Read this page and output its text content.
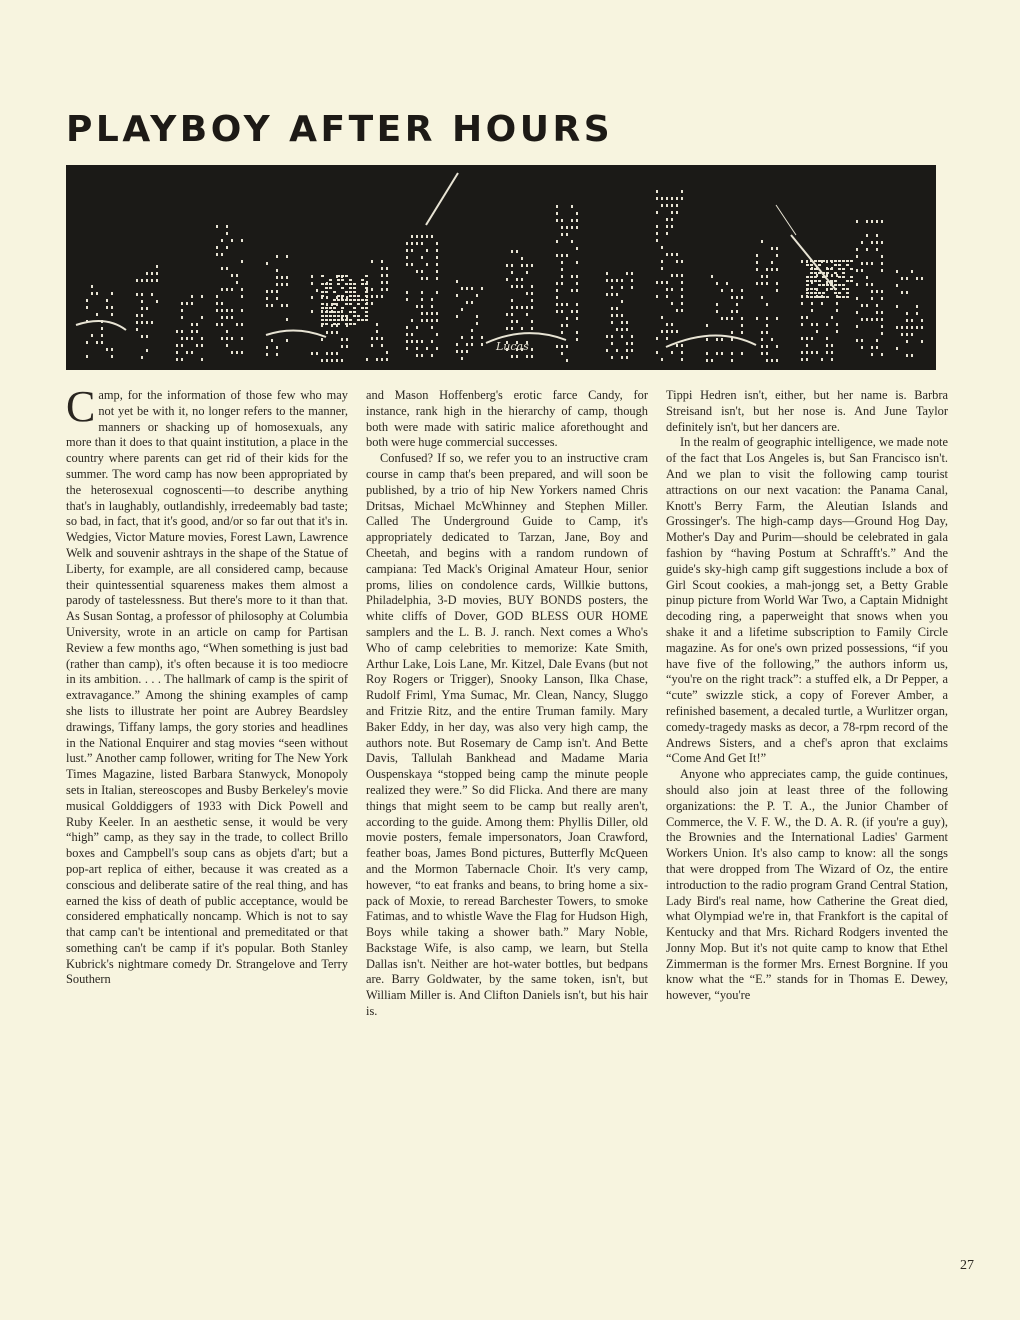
PLAYBOY AFTER HOURS
Lucas

Camp, for the information of those few who may not yet be with it, no longer refers to the manner, manners or shacking up of homosexuals, any more than it does to that quaint institution, a place in the country where parents can get rid of their kids for the summer. The word camp has now been appropriated by the heterosexual cognoscenti—to describe anything that's in laughably, outlandishly, irredeemably bad taste; so bad, in fact, that it's good, and/or so far out that it's in. Wedgies, Victor Mature movies, Forest Lawn, Lawrence Welk and souvenir ashtrays in the shape of the Statue of Liberty, for example, are all considered camp, because their quintessential squareness makes them almost a parody of tastelessness. But there's more to it than that. As Susan Sontag, a professor of philosophy at Columbia University, wrote in an article on camp for Partisan Review a few months ago, “When something is just bad (rather than camp), it's often because it is too mediocre in its ambition. . . . The hallmark of camp is the spirit of extravagance.” Among the shining examples of camp she lists to illustrate her point are Aubrey Beardsley drawings, Tiffany lamps, the gory stories and headlines in the National Enquirer and stag movies “seen without lust.” Another camp follower, writing for The New York Times Magazine, listed Barbara Stanwyck, Monopoly sets in Italian, stereoscopes and Busby Berkeley's movie musical Golddiggers of 1933 with Dick Powell and Ruby Keeler. In an aesthetic sense, it would be very “high” camp, as they say in the trade, to collect Brillo boxes and Campbell's soup cans as objets d'art; but a pop-art replica of either, because it was created as a conscious and deliberate satire of the real thing, and has earned the kiss of death of public acceptance, would be considered emphatically noncamp. Which is not to say that camp can't be intentional and premeditated or that something can't be camp if it's popular. Both Stanley Kubrick's nightmare comedy Dr. Strangelove and Terry Southern

and Mason Hoffenberg's erotic farce Candy, for instance, rank high in the hierarchy of camp, though both were made with satiric malice aforethought and both were huge commercial successes.

Confused? If so, we refer you to an instructive cram course in camp that's been prepared, and will soon be published, by a trio of hip New Yorkers named Chris Dritsas, Michael McWhinney and Stephen Miller. Called The Underground Guide to Camp, it's appropriately dedicated to Tarzan, Jane, Boy and Cheetah, and begins with a random rundown of campiana: Ted Mack's Original Amateur Hour, senior proms, lilies on condolence cards, Willkie buttons, Philadelphia, 3-D movies, BUY BONDS posters, the white cliffs of Dover, GOD BLESS OUR HOME samplers and the L. B. J. ranch. Next comes a Who's Who of camp celebrities to memorize: Kate Smith, Arthur Lake, Lois Lane, Mr. Kitzel, Dale Evans (but not Roy Rogers or Trigger), Snooky Lanson, Ilka Chase, Rudolf Friml, Yma Sumac, Mr. Clean, Nancy, Sluggo and Fritzie Ritz, and the entire Truman family. Mary Baker Eddy, in her day, was also very high camp, the authors note. But Rosemary de Camp isn't. And Bette Davis, Tallulah Bankhead and Madame Maria Ouspenskaya “stopped being camp the minute people realized they were.” So did Flicka. And there are many things that might seem to be camp but really aren't, according to the guide. Among them: Phyllis Diller, old movie posters, female impersonators, Joan Crawford, feather boas, James Bond pictures, Butterfly McQueen and the Mormon Tabernacle Choir. It's very camp, however, “to eat franks and beans, to bring home a six-pack of Moxie, to reread Barchester Towers, to smoke Fatimas, and to whistle Wave the Flag for Hudson High, Boys while taking a shower bath.” Mary Noble, Backstage Wife, is also camp, we learn, but Stella Dallas isn't. Neither are hot-water bottles, but bedpans are. Barry Goldwater, by the same token, isn't, but William Miller is. And Clifton Daniels isn't, but his hair is.

Tippi Hedren isn't, either, but her name is. Barbra Streisand isn't, but her nose is. And June Taylor definitely isn't, but her dancers are.

In the realm of geographic intelligence, we made note of the fact that Los Angeles is, but San Francisco isn't. And we plan to visit the following camp tourist attractions on our next vacation: the Panama Canal, Knott's Berry Farm, the Aleutian Islands and Grossinger's. The high-camp days—Ground Hog Day, Mother's Day and Purim—should be celebrated in gala fashion by “having Postum at Schrafft's.” And the guide's sky-high camp gift suggestions include a box of Girl Scout cookies, a mah-jongg set, a Betty Grable pinup picture from World War Two, a Captain Midnight decoding ring, a paperweight that snows when you shake it and a lifetime subscription to Family Circle magazine. As for one's own prized possessions, “if you have five of the following,” the authors inform us, “you're on the right track”: a stuffed elk, a Dr Pepper, a “cute” swizzle stick, a copy of Forever Amber, a refinished basement, a decaled turtle, a Wurlitzer organ, comedy-tragedy masks as decor, a 78-rpm record of the Andrews Sisters, and a chef's apron that exclaims “Come And Get It!”

Anyone who appreciates camp, the guide continues, should also join at least three of the following organizations: the P. T. A., the Junior Chamber of Commerce, the V. F. W., the D. A. R. (if you're a guy), the Brownies and the International Ladies' Garment Workers Union. It's also camp to know: all the songs that were dropped from The Wizard of Oz, the entire introduction to the radio program Grand Central Station, Lady Bird's real name, how Catherine the Great died, what Olympiad we're in, that Frankfort is the capital of Kentucky and that Mrs. Richard Rodgers invented the Jonny Mop. But it's not quite camp to know that Ethel Zimmerman is the former Mrs. Ernest Borgnine. If you know what the “E.” stands for in Thomas E. Dewey, however, “you're

27
